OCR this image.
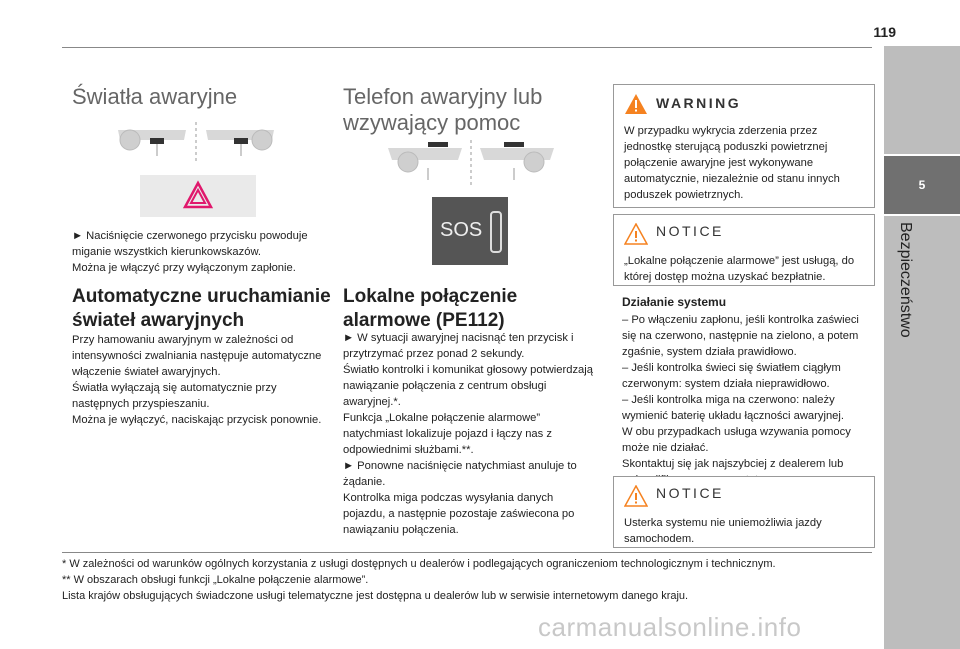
119
5
Bezpieczeństwo
Światła awaryjne

► Naciśnięcie czerwonego przycisku powoduje miganie wszystkich kierunkowskazów.

Można je włączyć przy wyłączonym zapłonie.

Automatyczne uruchamianie świateł awaryjnych

Przy hamowaniu awaryjnym w zależności od intensywności zwalniania następuje automatyczne włączenie świateł awaryjnych.

Światła wyłączają się automatycznie przy następnych przyspieszaniu.

Można je wyłączyć, naciskając przycisk ponownie.

Telefon awaryjny lub wzywający pomoc
SOS
Lokalne połączenie alarmowe (PE112)

► W sytuacji awaryjnej nacisnąć ten przycisk i przytrzymać przez ponad 2 sekundy.

Światło kontrolki i komunikat głosowy potwierdzają nawiązanie połączenia z centrum obsługi awaryjnej.*.

Funkcja „Lokalne połączenie alarmowe” natychmiast lokalizuje pojazd i łączy nas z odpowiednimi służbami.**.

► Ponowne naciśnięcie natychmiast anuluje to żądanie.

Kontrolka miga podczas wysyłania danych pojazdu, a następnie pozostaje zaświecona po nawiązaniu połączenia.

WARNING
W przypadku wykrycia zderzenia przez jednostkę sterującą poduszki powietrznej połączenie awaryjne jest wykonywane automatycznie, niezależnie od stanu innych poduszek powietrznych.
NOTICE
„Lokalne połączenie alarmowe” jest usługą, do której dostęp można uzyskać bezpłatnie.
Działanie systemu

– Po włączeniu zapłonu, jeśli kontrolka zaświeci się na czerwono, następnie na zielono, a potem zgaśnie, system działa prawidłowo.

– Jeśli kontrolka świeci się światłem ciągłym czerwonym: system działa nieprawidłowo.

– Jeśli kontrolka miga na czerwono: należy wymienić baterię układu łączności awaryjnej.

W obu przypadkach usługa wzywania pomocy może nie działać.

Skontaktuj się jak najszybciej z dealerem lub

NOTICE
Usterka systemu nie uniemożliwia jazdy samochodem.

* W zależności od warunków ogólnych korzystania z usługi dostępnych u dealerów i podlegających ograniczeniom technologicznym i technicznym.

** W obszarach obsługi funkcji „Lokalne połączenie alarmowe”.

Lista krajów obsługujących świadczone usługi telematyczne jest dostępna u dealerów lub w serwisie internetowym danego kraju.

carmanualsonline.info
